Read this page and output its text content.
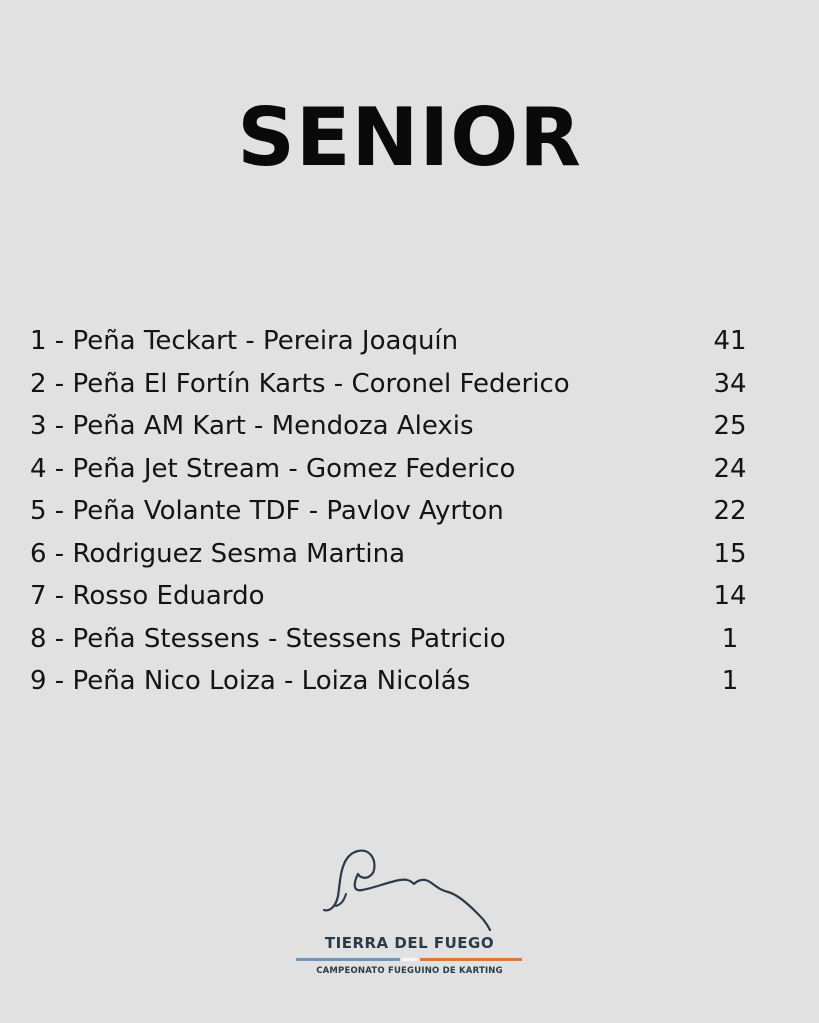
SENIOR
1 - Peña Teckart - Pereira Joaquín	41
2 - Peña El Fortín Karts - Coronel Federico	34
3 - Peña AM Kart - Mendoza Alexis	25
4 - Peña Jet Stream - Gomez Federico	24
5 - Peña Volante TDF - Pavlov Ayrton	22
6 - Rodriguez Sesma Martina	15
7 - Rosso Eduardo	14
8 - Peña Stessens - Stessens Patricio	1
9 - Peña Nico Loiza - Loiza Nicolás	1
TIERRA DEL FUEGO
CAMPEONATO FUEGUINO DE KARTING
